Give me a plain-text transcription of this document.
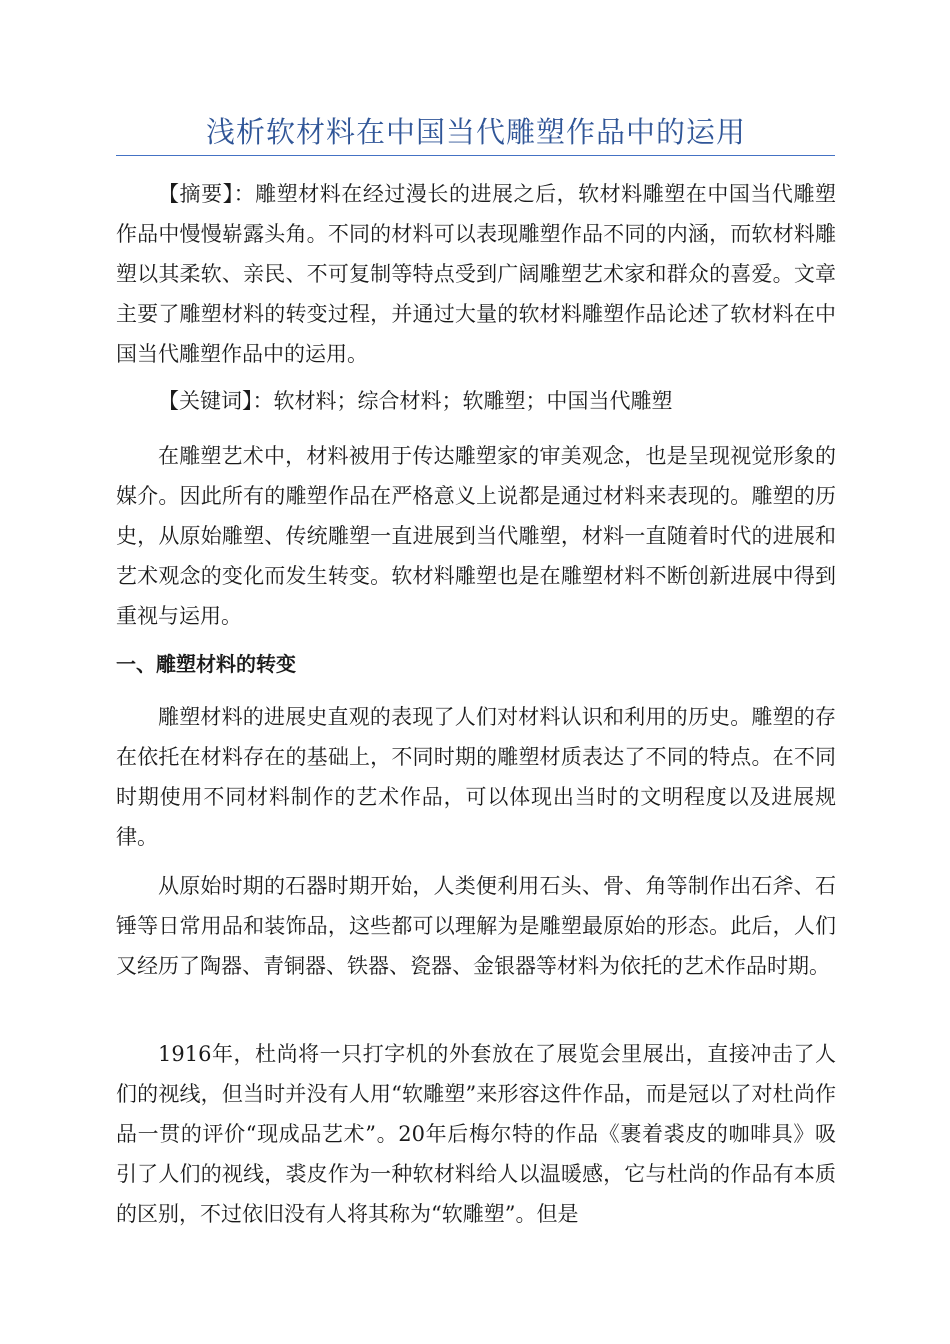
浅析软材料在中国当代雕塑作品中的运用

【摘要】：雕塑材料在经过漫长的进展之后，软材料雕塑在中国当代雕塑作品中慢慢崭露头角。不同的材料可以表现雕塑作品不同的内涵，而软材料雕塑以其柔软、亲民、不可复制等特点受到广阔雕塑艺术家和群众的喜爱。文章主要了雕塑材料的转变过程，并通过大量的软材料雕塑作品论述了软材料在中国当代雕塑作品中的运用。

【关键词】：软材料；综合材料；软雕塑；中国当代雕塑

在雕塑艺术中，材料被用于传达雕塑家的审美观念，也是呈现视觉形象的媒介。因此所有的雕塑作品在严格意义上说都是通过材料来表现的。雕塑的历史，从原始雕塑、传统雕塑一直进展到当代雕塑，材料一直随着时代的进展和艺术观念的变化而发生转变。软材料雕塑也是在雕塑材料不断创新进展中得到重视与运用。

一、雕塑材料的转变

雕塑材料的进展史直观的表现了人们对材料认识和利用的历史。雕塑的存在依托在材料存在的基础上，不同时期的雕塑材质表达了不同的特点。在不同时期使用不同材料制作的艺术作品，可以体现出当时的文明程度以及进展规律。

从原始时期的石器时期开始，人类便利用石头、骨、角等制作出石斧、石锤等日常用品和装饰品，这些都可以理解为是雕塑最原始的形态。此后，人们又经历了陶器、青铜器、铁器、瓷器、金银器等材料为依托的艺术作品时期。

1916年，杜尚将一只打字机的外套放在了展览会里展出，直接冲击了人们的视线，但当时并没有人用“软雕塑”来形容这件作品，而是冠以了对杜尚作品一贯的评价“现成品艺术”。20年后梅尔特的作品《裹着裘皮的咖啡具》吸引了人们的视线，裘皮作为一种软材料给人以温暖感，它与杜尚的作品有本质的区别，不过依旧没有人将其称为“软雕塑”。但是
